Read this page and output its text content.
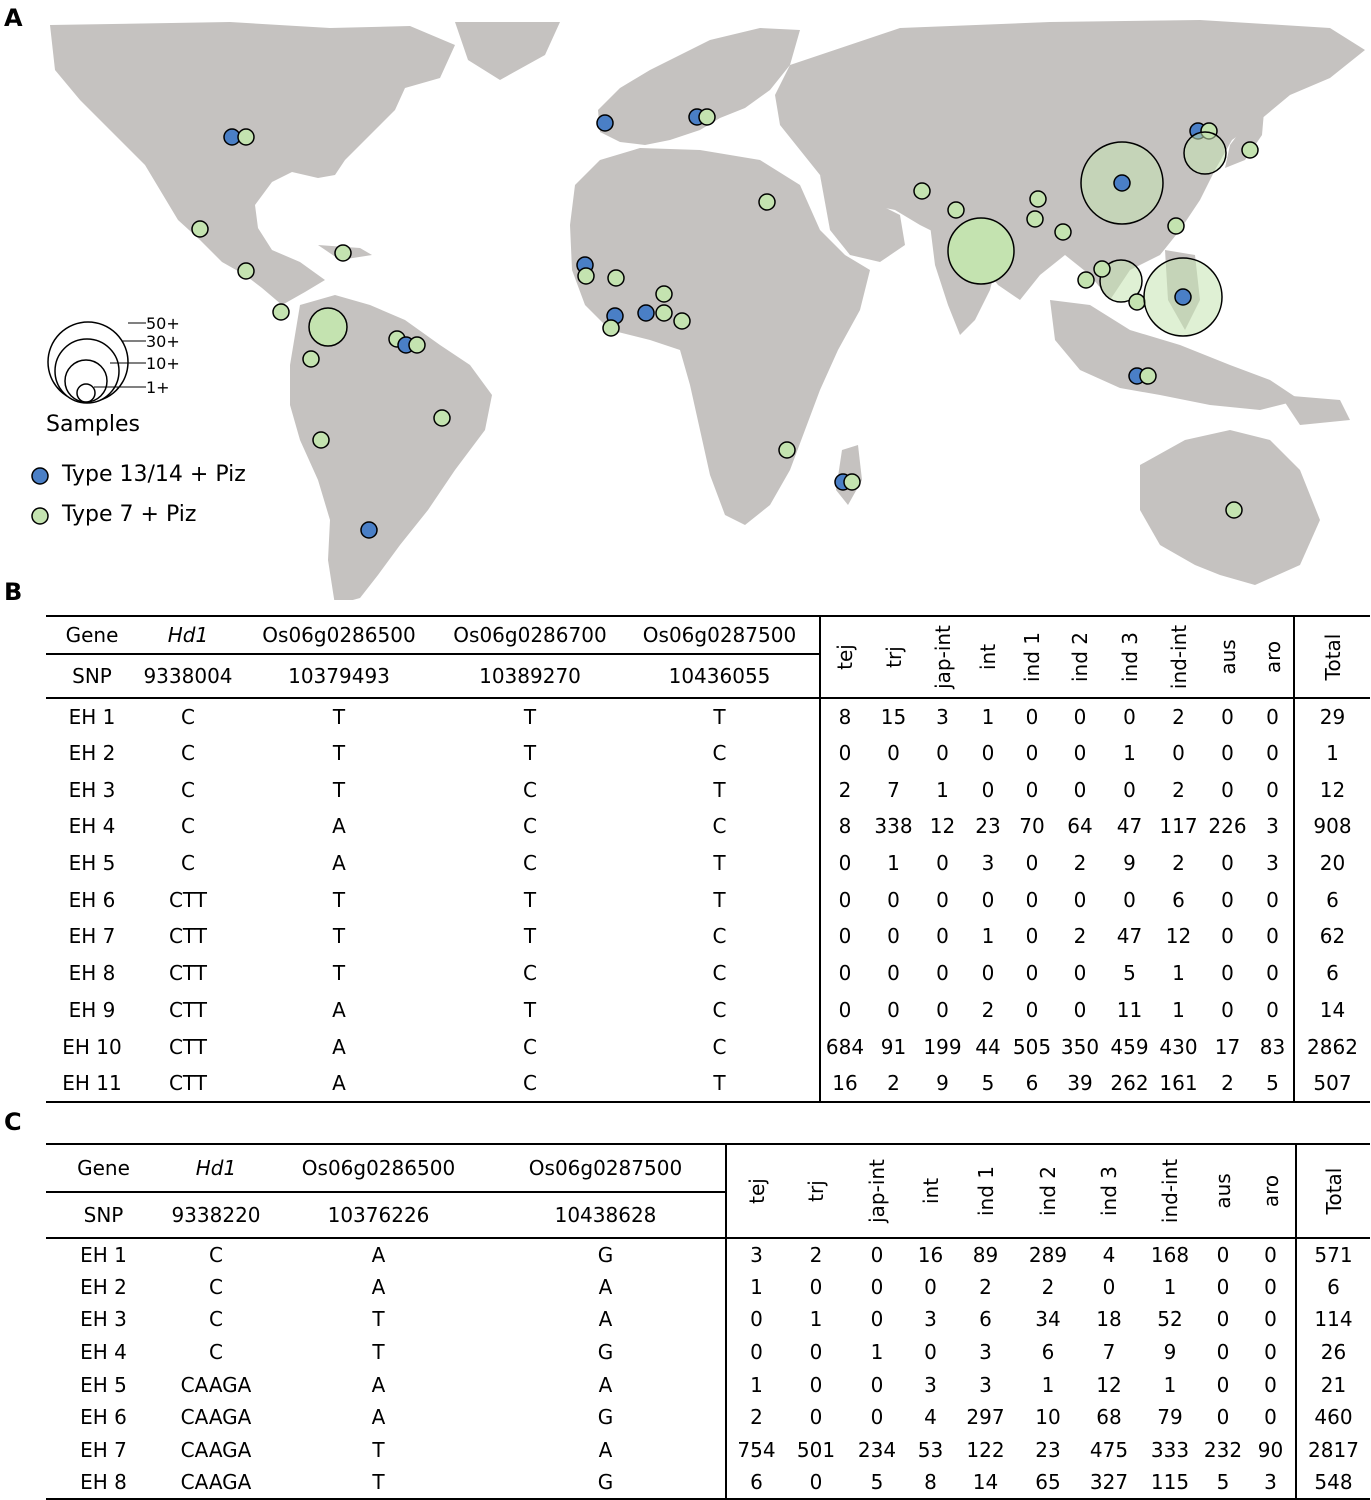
A
B
C
50+
30+
10+
1+
Samples
Type 13/14 + Piz
Type 7 + Piz
Gene	Hd1	Os06g0286500	Os06g0286700	Os06g0287500	tej	trj	jap-int	int	ind 1	ind 2	ind 3	ind-int	aus	aro	Total

SNP	9338004	10379493	10389270	10436055											
EH 1	C	T	T	T	8	15	3	1	0	0	0	2	0	0	29
EH 2	C	T	T	C	0	0	0	0	0	0	1	0	0	0	1
EH 3	C	T	C	T	2	7	1	0	0	0	0	2	0	0	12
EH 4	C	A	C	C	8	338	12	23	70	64	47	117	226	3	908
EH 5	C	A	C	T	0	1	0	3	0	2	9	2	0	3	20
EH 6	CTT	T	T	T	0	0	0	0	0	0	0	6	0	0	6
EH 7	CTT	T	T	C	0	0	0	1	0	2	47	12	0	0	62
EH 8	CTT	T	C	C	0	0	0	0	0	0	5	1	0	0	6
EH 9	CTT	A	T	C	0	0	0	2	0	0	11	1	0	0	14
EH 10	CTT	A	C	C	684	91	199	44	505	350	459	430	17	83	2862
EH 11	CTT	A	C	T	16	2	9	5	6	39	262	161	2	5	507
Gene	Hd1	Os06g0286500	Os06g0287500	tej	trj	jap-int	int	ind 1	ind 2	ind 3	ind-int	aus	aro	Total

SNP	9338220	10376226	10438628											
EH 1	C	A	G	3	2	0	16	89	289	4	168	0	0	571
EH 2	C	A	A	1	0	0	0	2	2	0	1	0	0	6
EH 3	C	T	A	0	1	0	3	6	34	18	52	0	0	114
EH 4	C	T	G	0	0	1	0	3	6	7	9	0	0	26
EH 5	CAAGA	A	A	1	0	0	3	3	1	12	1	0	0	21
EH 6	CAAGA	A	G	2	0	0	4	297	10	68	79	0	0	460
EH 7	CAAGA	T	A	754	501	234	53	122	23	475	333	232	90	2817
EH 8	CAAGA	T	G	6	0	5	8	14	65	327	115	5	3	548
